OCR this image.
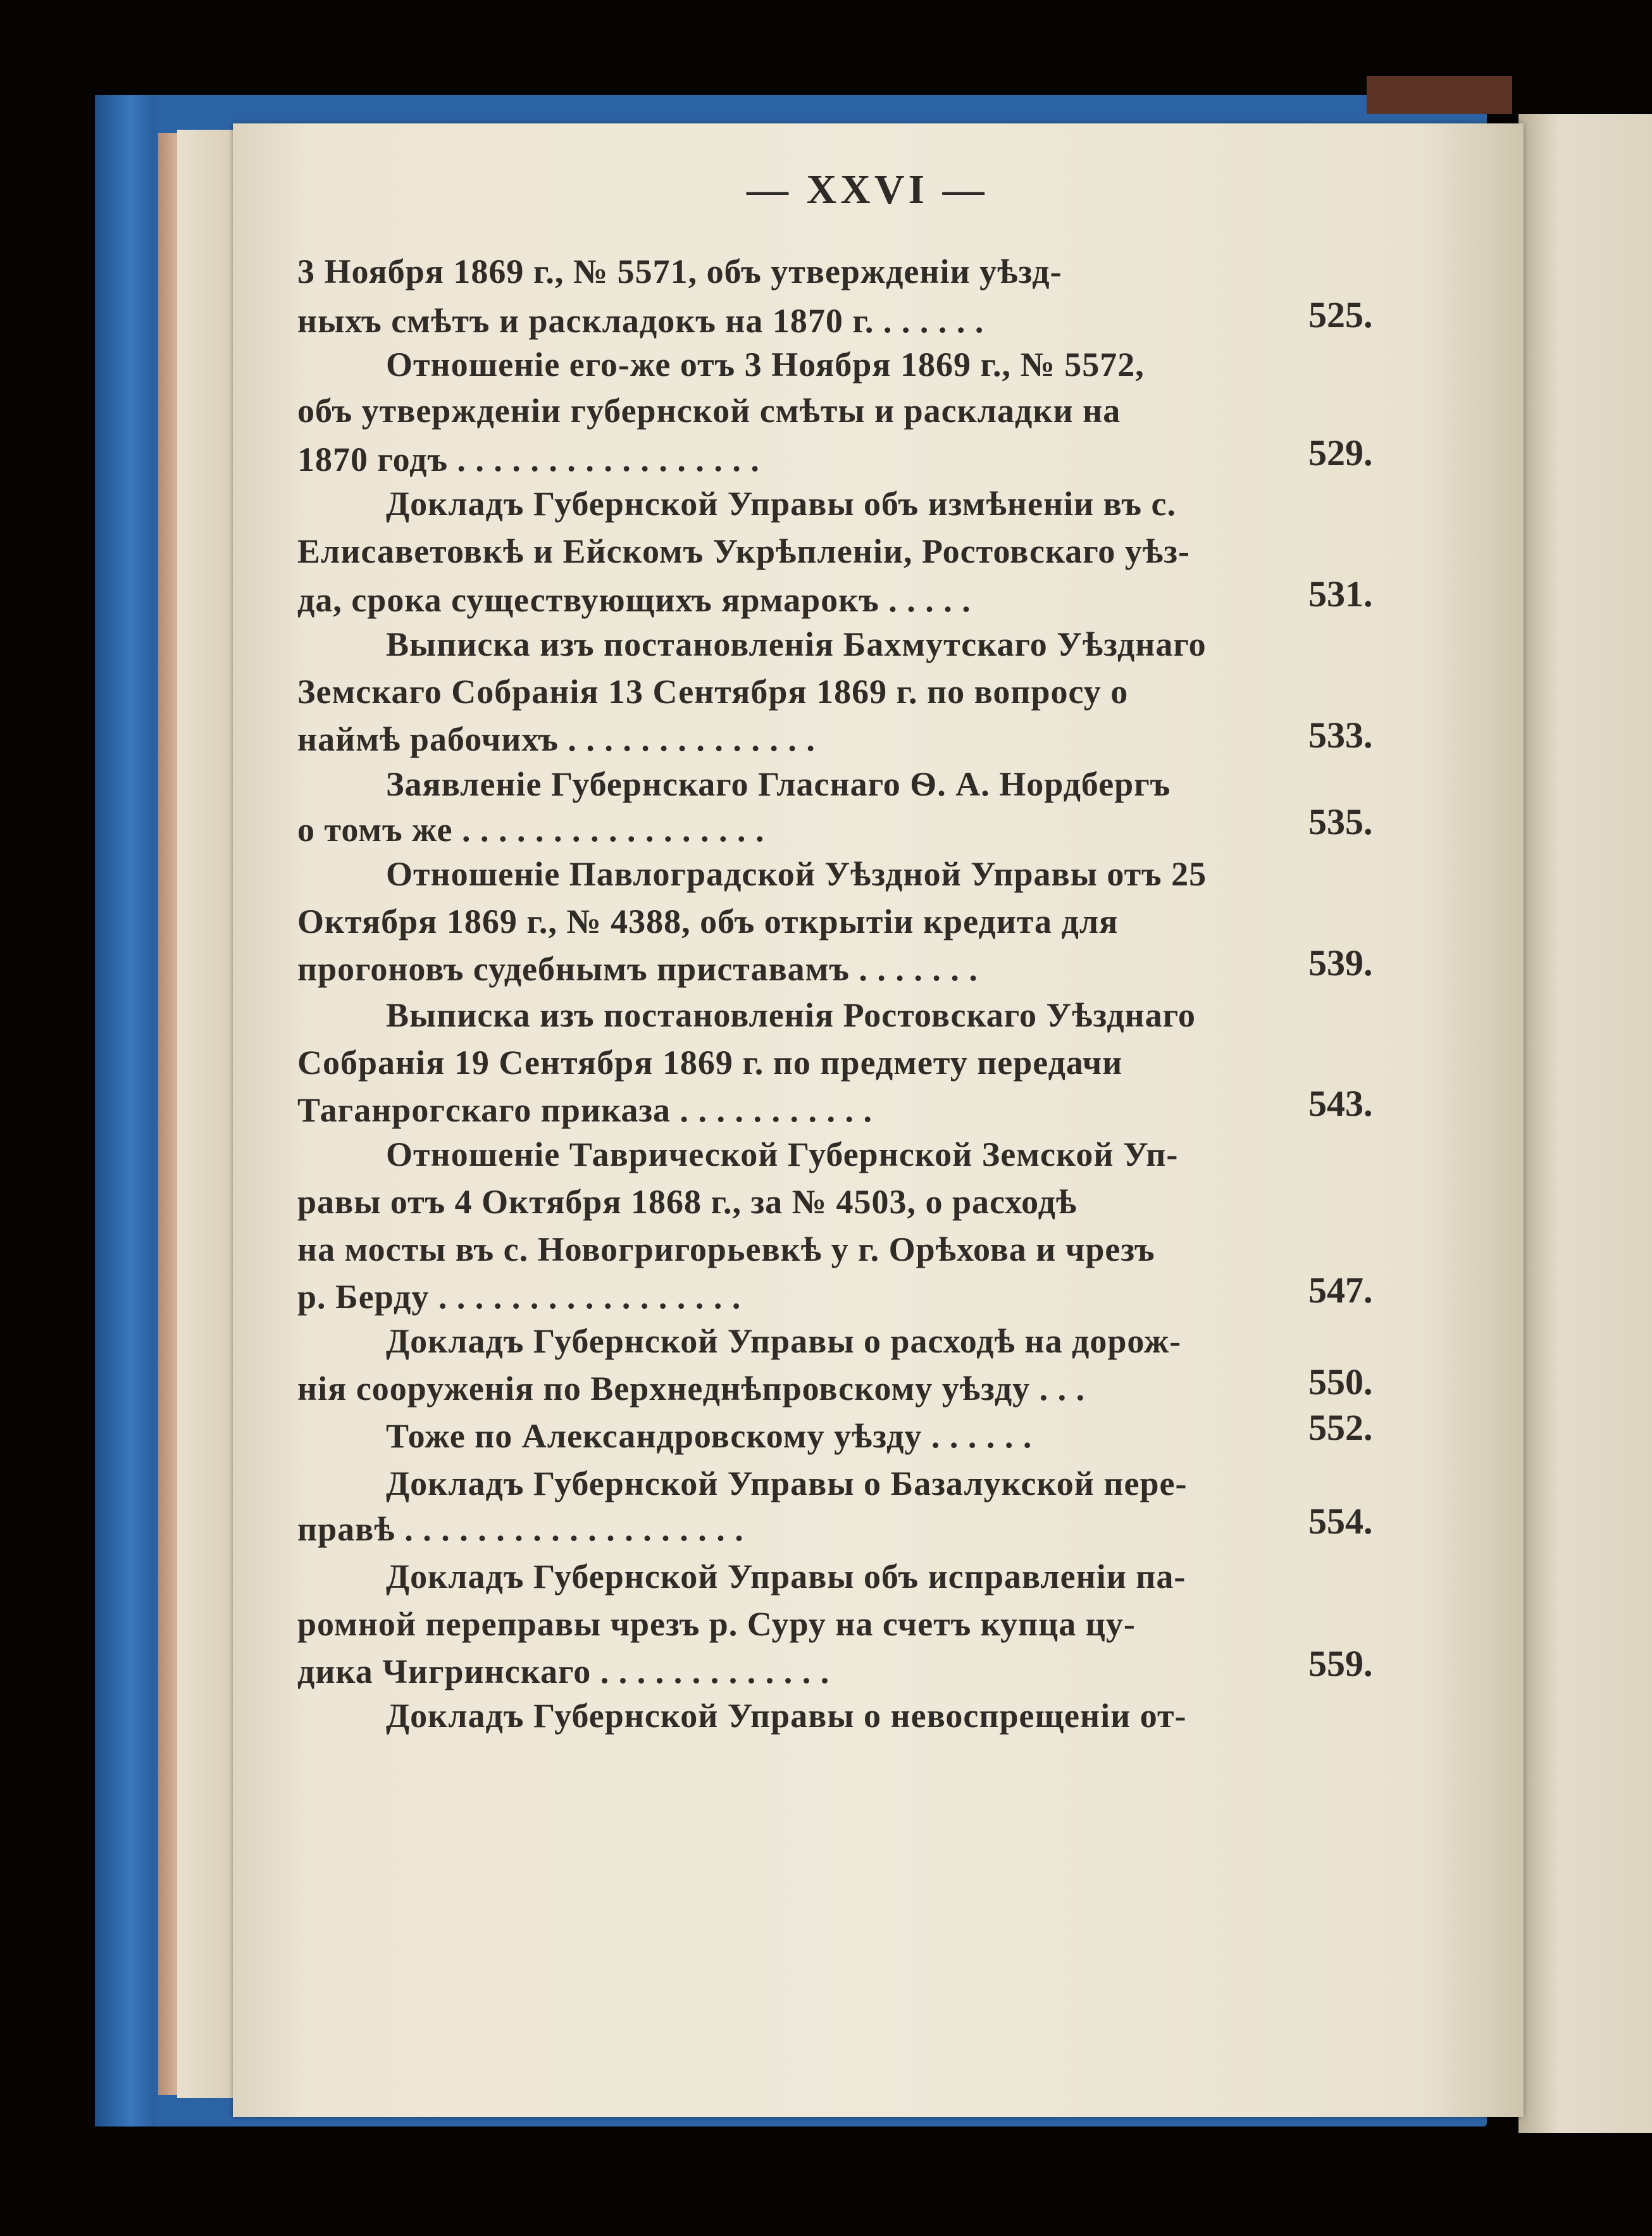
— XXVI —
3 Ноября 1869 г., № 5571, объ утвержденіи уѣзд-
ныхъ смѣтъ и раскладокъ на 1870 г. . . . . . .	525.
Отношеніе его-же отъ 3 Ноября 1869 г., № 5572,
объ утвержденіи губернской смѣты и раскладки на
1870 годъ . . . . . . . . . . . . . . . . .	529.
Докладъ Губернской Управы объ измѣненіи въ с.
Елисаветовкѣ и Ейскомъ Укрѣпленіи, Ростовскаго уѣз-
да, срока существующихъ ярмарокъ . . . . .	531.
Выписка изъ постановленія Бахмутскаго Уѣзднаго
Земскаго Собранія 13 Сентября 1869 г. по вопросу о
наймѣ рабочихъ . . . . . . . . . . . . . .	533.
Заявленіе Губернскаго Гласнаго Ѳ. А. Нордбергъ
о томъ же . . . . . . . . . . . . . . . . .	535.
Отношеніе Павлоградской Уѣздной Управы отъ 25
Октября 1869 г., № 4388, объ открытіи кредита для
прогоновъ судебнымъ приставамъ . . . . . . .	539.
Выписка изъ постановленія Ростовскаго Уѣзднаго
Собранія 19 Сентября 1869 г. по предмету передачи
Таганрогскаго приказа . . . . . . . . . . .	543.
Отношеніе Таврической Губернской Земской Уп-
равы отъ 4 Октября 1868 г., за № 4503, о расходѣ
на мосты въ с. Новогригорьевкѣ у г. Орѣхова и чрезъ
р. Берду . . . . . . . . . . . . . . . . .	547.
Докладъ Губернской Управы о расходѣ на дорож-
нія сооруженія по Верхнеднѣпровскому уѣзду . . .	550.
Тоже по Александровскому уѣзду . . . . . .	552.
Докладъ Губернской Управы о Базалукской пере-
правѣ . . . . . . . . . . . . . . . . . . .	554.
Докладъ Губернской Управы объ исправленіи па-
ромной переправы чрезъ р. Суру на счетъ купца цу-
дика Чигринскаго . . . . . . . . . . . . .	559.
Докладъ Губернской Управы о невоспрещеніи от-
